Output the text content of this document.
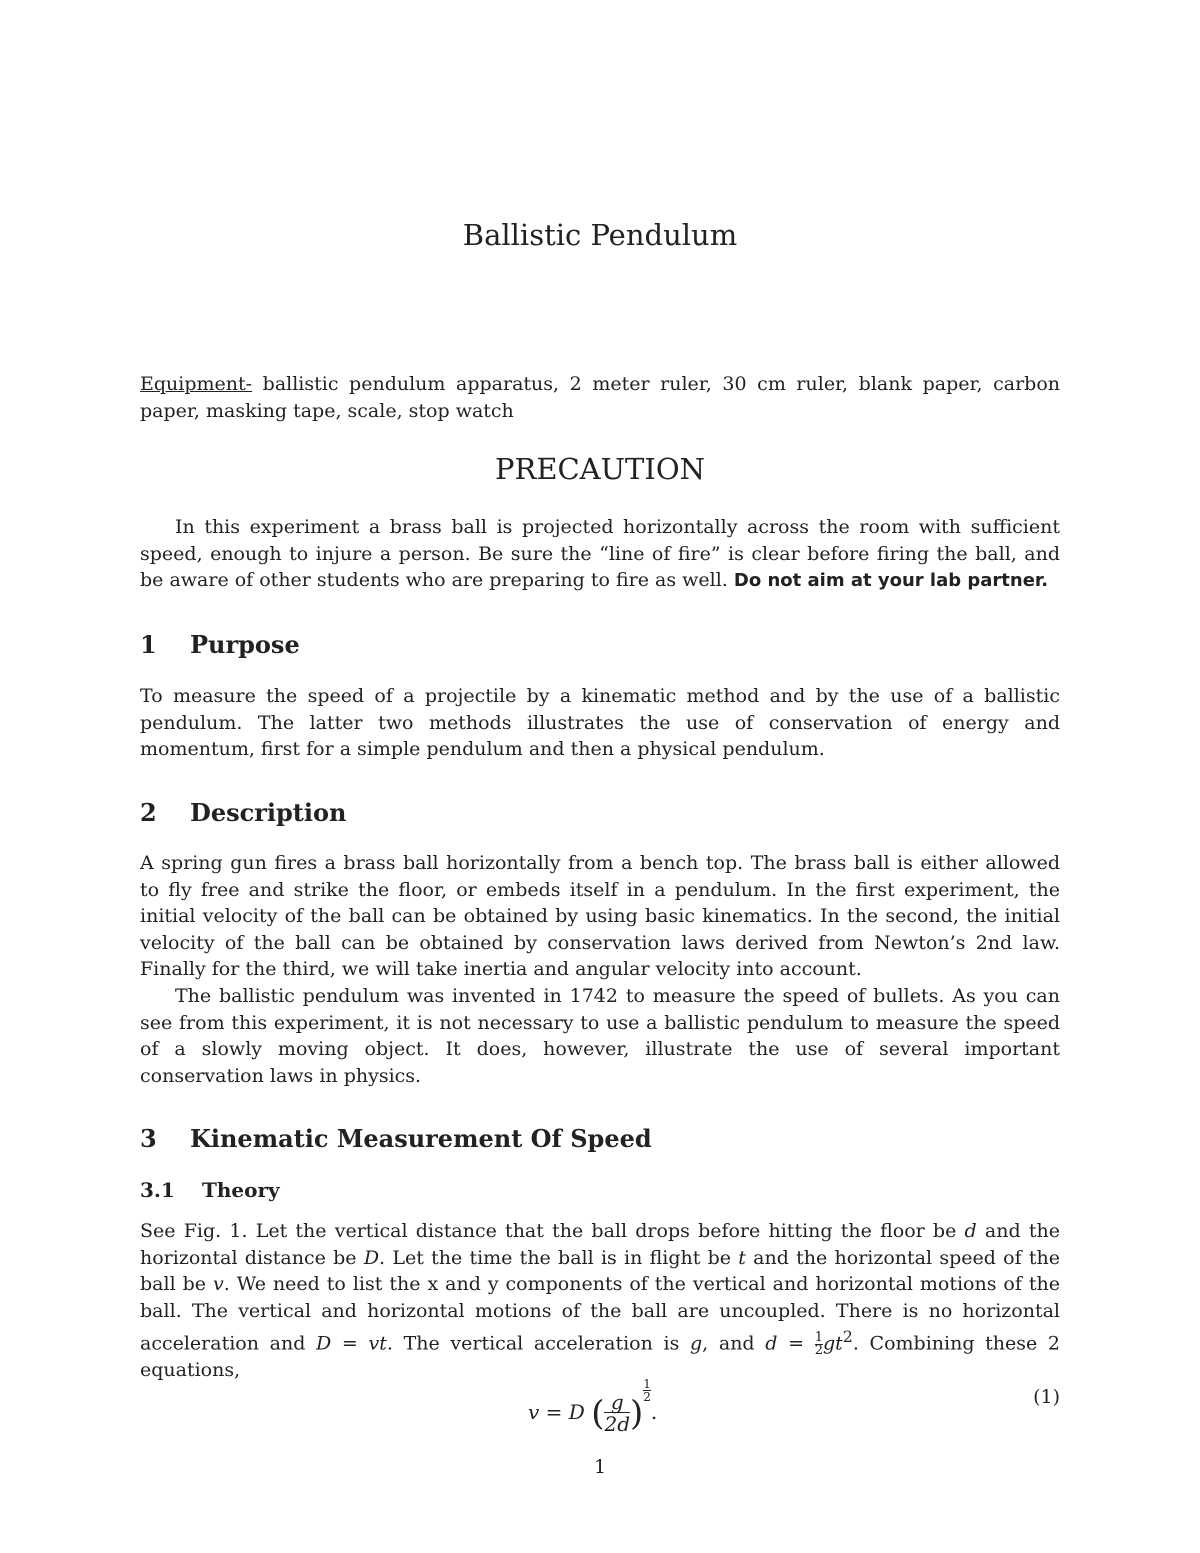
Ballistic Pendulum

Equipment- ballistic pendulum apparatus, 2 meter ruler, 30 cm ruler, blank paper, carbon paper, masking tape, scale, stop watch

PRECAUTION

In this experiment a brass ball is projected horizontally across the room with sufficient speed, enough to injure a person. Be sure the “line of fire” is clear before firing the ball, and be aware of other students who are preparing to fire as well. Do not aim at your lab partner.

1 Purpose

To measure the speed of a projectile by a kinematic method and by the use of a ballistic pendulum. The latter two methods illustrates the use of conservation of energy and momentum, first for a simple pendulum and then a physical pendulum.

2 Description

A spring gun fires a brass ball horizontally from a bench top. The brass ball is either allowed to fly free and strike the floor, or embeds itself in a pendulum. In the first experiment, the initial velocity of the ball can be obtained by using basic kinematics. In the second, the initial velocity of the ball can be obtained by conservation laws derived from Newton’s 2nd law. Finally for the third, we will take inertia and angular velocity into account.

The ballistic pendulum was invented in 1742 to measure the speed of bullets. As you can see from this experiment, it is not necessary to use a ballistic pendulum to measure the speed of a slowly moving object. It does, however, illustrate the use of several important conservation laws in physics.

3 Kinematic Measurement Of Speed
3.1 Theory

See Fig. 1. Let the vertical distance that the ball drops before hitting the floor be d and the horizontal distance be D. Let the time the ball is in flight be t and the horizontal speed of the ball be v. We need to list the x and y components of the vertical and horizontal motions of the ball. The vertical and horizontal motions of the ball are uncoupled. There is no horizontal acceleration and D = vt. The vertical acceleration is g, and $d = \frac{1}{2} gt^2$. Combining these 2 equations,

v = D ( $\frac{g}{2d}$ )
$\frac{1}{2}$
.
(1)
1
